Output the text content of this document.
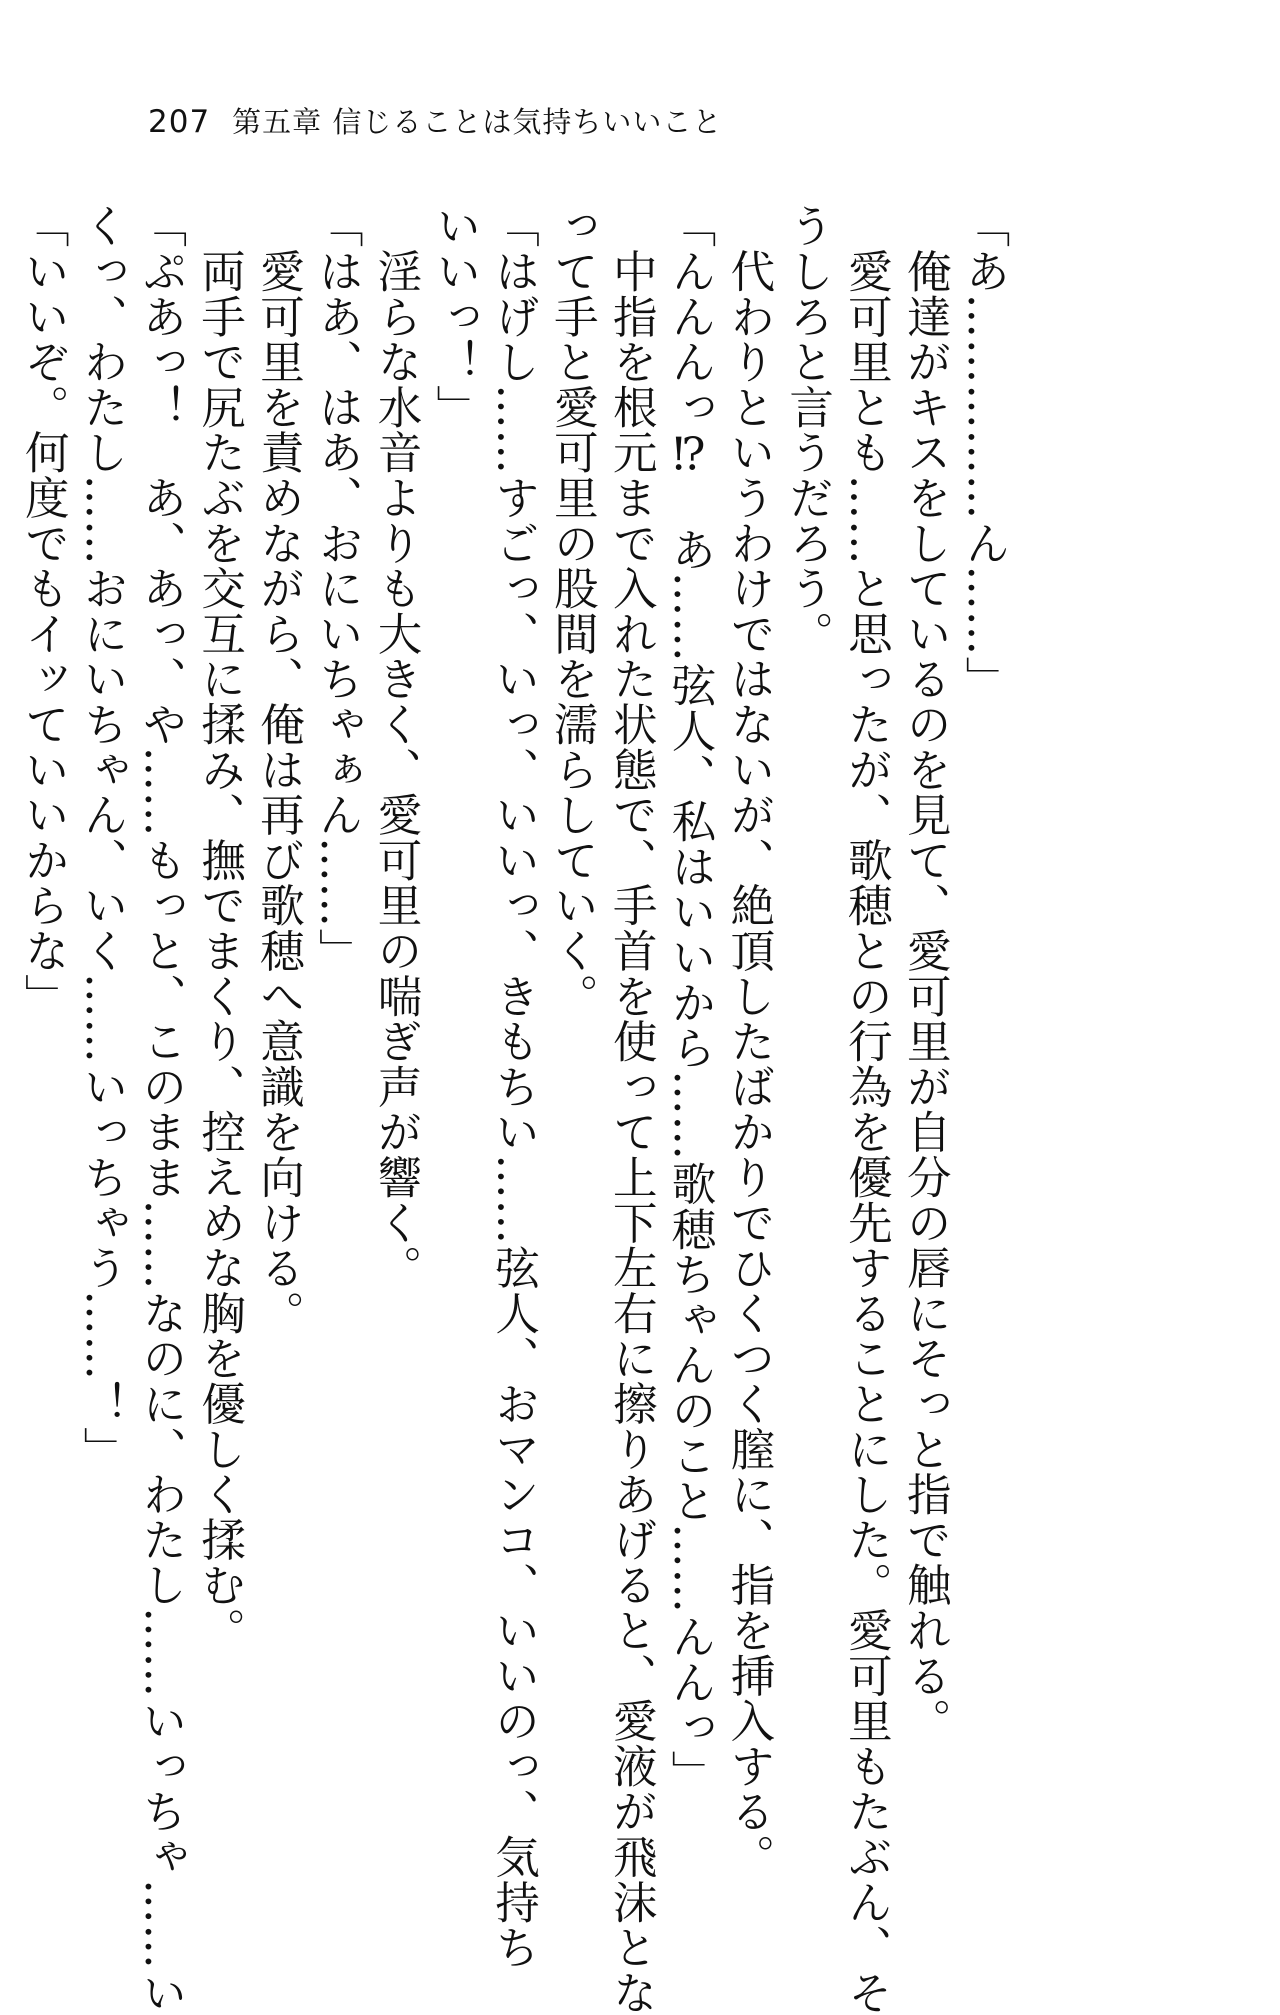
207 第五章 信じることは気持ちいいこと
「あ……………ん……」
　俺達がキスをしているのを見て、愛可里が自分の唇にそっと指で触れる。
　愛可里とも……と思ったが、歌穂との行為を優先することにした。愛可里もたぶん、そ
うしろと言うだろう。
　代わりというわけではないが、絶頂したばかりでひくつく膣に、指を挿入する。
「んんんっ⁉　あ……弦人、私はいいから……歌穂ちゃんのこと……んんっ」
　中指を根元まで入れた状態で、手首を使って上下左右に擦りあげると、愛液が飛沫とな
って手と愛可里の股間を濡らしていく。
「はげし……すごっ、いっ、いいっ、きもちい……弦人、おマンコ、いいのっ、気持ち
いいっ！」
　淫らな水音よりも大きく、愛可里の喘ぎ声が響く。
「はあ、はあ、おにいちゃぁん……」
　愛可里を責めながら、俺は再び歌穂へ意識を向ける。
　両手で尻たぶを交互に揉み、撫でまくり、控えめな胸を優しく揉む。
「ぷあっ！　あ、あっ、や……もっと、このまま……なのに、わたし……いっちゃ……い
くっ、わたし……おにいちゃん、いく……いっちゃう……！」
「いいぞ。何度でもイッていいからな」
